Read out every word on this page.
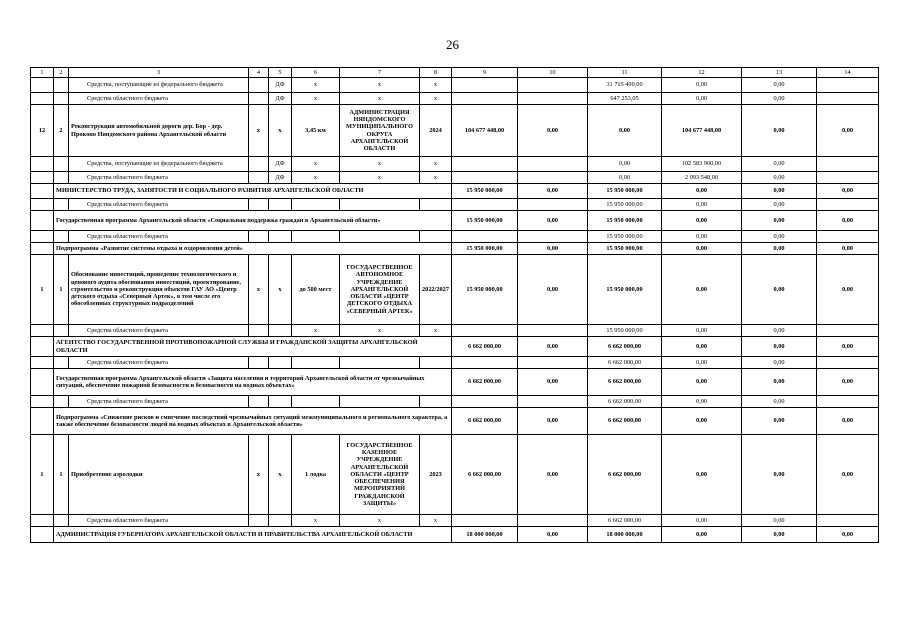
26
1	2	3	4	5	6	7	8	9	10	11	12	13	14
		Средства, поступающие из федерального бюджета		ДФ	х	х	х			31 715 400,00	0,00	0,00	
		Средства областного бюджета		ДФ	х	х	х			647 253,05	0,00	0,00	
12	2	Реконструкция автомобильной дороги дер. Бор - дер. Прокопо Няндомского района Архангельской области	х	х	3,45 км	АДМИНИСТРАЦИЯ НЯНДОМСКОГО МУНИЦИПАЛЬНОГО ОКРУГА АРХАНГЕЛЬСКОЙ ОБЛАСТИ	2024	104 677 448,00	0,00	0,00	104 677 448,00	0,00	0,00
		Средства, поступающие из федерального бюджета		ДФ	х	х	х			0,00	102 583 900,00	0,00	
		Средства областного бюджета		ДФ	х	х	х			0,00	2 093 548,00	0,00	
	МИНИСТЕРСТВО ТРУДА, ЗАНЯТОСТИ И СОЦИАЛЬНОГО РАЗВИТИЯ АРХАНГЕЛЬСКОЙ ОБЛАСТИ							15 950 000,00	0,00	15 950 000,00	0,00	0,00	0,00
		Средства областного бюджета								15 950 000,00	0,00	0,00	
	Государственная программа Архангельской области «Социальная поддержка граждан в Архангельской области»							15 950 000,00	0,00	15 950 000,00	0,00	0,00	0,00
		Средства областного бюджета								15 950 000,00	0,00	0,00	
	Подпрограмма «Развитие системы отдыха и оздоровления детей»							15 950 000,00	0,00	15 950 000,00	0,00	0,00	0,00
1	1	Обоснование инвестиций, проведение технологического и ценового аудита обоснования инвестиций, проектирование, строительство и реконструкция объектов ГАУ АО «Центр детского отдыха «Северный Артек», в том числе его обособленных структурных подразделений	х	х	до 500 мест	ГОСУДАРСТВЕННОЕ АВТОНОМНОЕ УЧРЕЖДЕНИЕ АРХАНГЕЛЬСКОЙ ОБЛАСТИ «ЦЕНТР ДЕТСКОГО ОТДЫХА «СЕВЕРНЫЙ АРТЕК»	2022/2027	15 950 000,00	0,00	15 950 000,00	0,00	0,00	0,00
		Средства областного бюджета			х	х	х			15 950 000,00	0,00	0,00	
	АГЕНТСТВО ГОСУДАРСТВЕННОЙ ПРОТИВОПОЖАРНОЙ СЛУЖБЫ И ГРАЖДАНСКОЙ ЗАЩИТЫ АРХАНГЕЛЬСКОЙ ОБЛАСТИ							6 662 000,00	0,00	6 662 000,00	0,00	0,00	0,00
		Средства областного бюджета								6 662 000,00	0,00	0,00	
	Государственная программа Архангельской области «Защита населения и территорий Архангельской области от чрезвычайных ситуаций, обеспечение пожарной безопасности и безопасности на водных объектах»							6 662 000,00	0,00	6 662 000,00	0,00	0,00	0,00
		Средства областного бюджета								6 662 000,00	0,00	0,00	
	Подпрограмма «Снижение рисков и смягчение последствий чрезвычайных ситуаций межмуниципального и регионального характера, а также обеспечение безопасности людей на водных объектах в Архангельской области»							6 662 000,00	0,00	6 662 000,00	0,00	0,00	0,00
1	1	Приобретение аэролодки	х	х	1 лодка	ГОСУДАРСТВЕННОЕ КАЗЕННОЕ УЧРЕЖДЕНИЕ АРХАНГЕЛЬСКОЙ ОБЛАСТИ «ЦЕНТР ОБЕСПЕЧЕНИЯ МЕРОПРИЯТИЙ ГРАЖДАНСКОЙ ЗАЩИТЫ»	2023	6 662 000,00	0,00	6 662 000,00	0,00	0,00	0,00
		Средства областного бюджета			х	х	х			6 662 000,00	0,00	0,00	
	АДМИНИСТРАЦИЯ ГУБЕРНАТОРА АРХАНГЕЛЬСКОЙ ОБЛАСТИ И ПРАВИТЕЛЬСТВА АРХАНГЕЛЬСКОЙ ОБЛАСТИ							18 000 000,00	0,00	18 000 000,00	0,00	0,00	0,00
